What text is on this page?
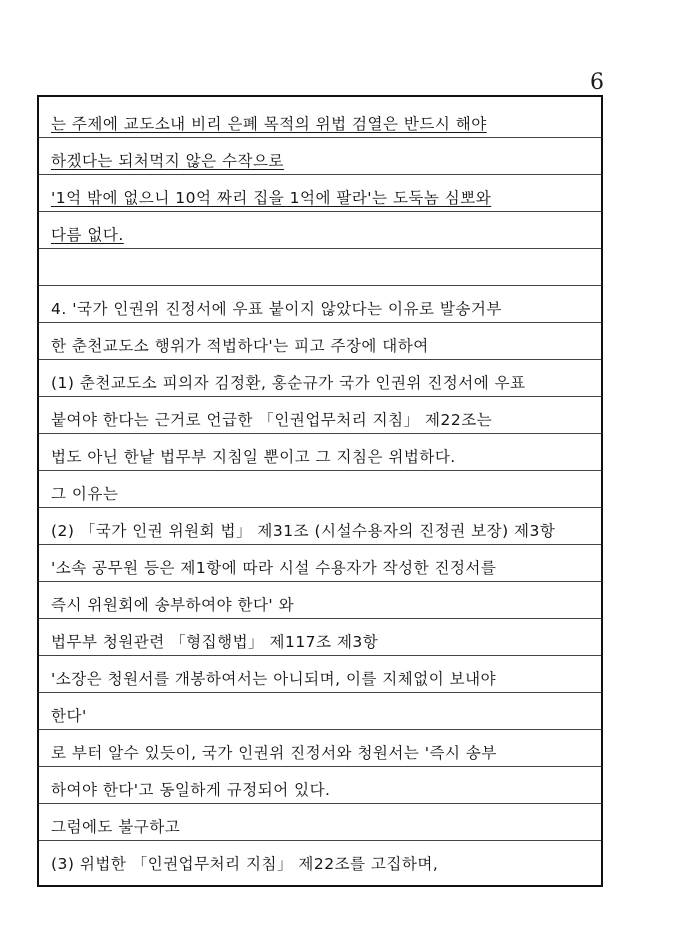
6
는 주제에 교도소내 비리 은폐 목적의 위법 검열은 반드시 해야
하겠다는 되처먹지 않은 수작으로
'1억 밖에 없으니 10억 짜리 집을 1억에 팔라'는 도둑놈 심뽀와
다름 없다.
4. '국가 인권위 진정서에 우표 붙이지 않았다는 이유로 발송거부
한 춘천교도소 행위가 적법하다'는 피고 주장에 대하여
(1) 춘천교도소 피의자 김정환, 홍순규가 국가 인권위 진정서에 우표
붙여야 한다는 근거로 언급한 「인권업무처리 지침」 제22조는
법도 아닌 한낱 법무부 지침일 뿐이고 그 지침은 위법하다.
그 이유는
(2) 「국가 인권 위원회 법」 제31조 (시설수용자의 진정권 보장) 제3항
'소속 공무원 등은 제1항에 따라 시설 수용자가 작성한 진정서를
즉시 위원회에 송부하여야 한다' 와
법무부 청원관련 「형집행법」 제117조 제3항
'소장은 청원서를 개봉하여서는 아니되며, 이를 지체없이 보내야
한다'
로 부터 알수 있듯이, 국가 인권위 진정서와 청원서는 '즉시 송부
하여야 한다'고 동일하게 규정되어 있다.
그럼에도 불구하고
(3) 위법한 「인권업무처리 지침」 제22조를 고집하며,
